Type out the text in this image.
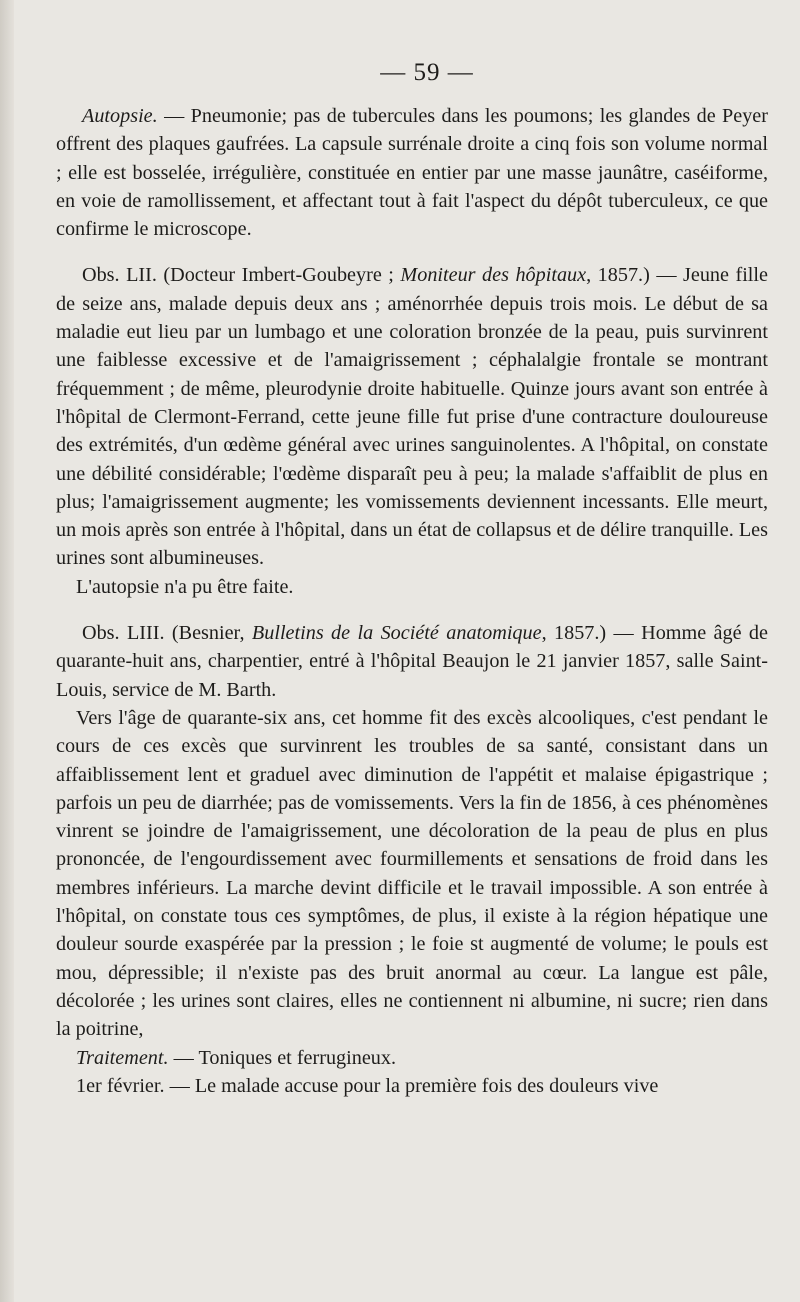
— 59 —

Autopsie. — Pneumonie; pas de tubercules dans les poumons; les glandes de Peyer offrent des plaques gaufrées. La capsule surrénale droite a cinq fois son volume normal ; elle est bosselée, irrégulière, constituée en entier par une masse jaunâtre, caséiforme, en voie de ramollissement, et affectant tout à fait l'aspect du dépôt tuberculeux, ce que confirme le microscope.

Obs. LII. (Docteur Imbert-Goubeyre ; Moniteur des hôpitaux, 1857.) — Jeune fille de seize ans, malade depuis deux ans ; aménorrhée depuis trois mois. Le début de sa maladie eut lieu par un lumbago et une coloration bronzée de la peau, puis survinrent une faiblesse excessive et de l'amaigrissement ; céphalalgie frontale se montrant fréquemment ; de même, pleurodynie droite habituelle. Quinze jours avant son entrée à l'hôpital de Clermont-Ferrand, cette jeune fille fut prise d'une contracture douloureuse des extrémités, d'un œdème général avec urines sanguinolentes. A l'hôpital, on constate une débilité considérable; l'œdème disparaît peu à peu; la malade s'affaiblit de plus en plus; l'amaigrissement augmente; les vomissements deviennent incessants. Elle meurt, un mois après son entrée à l'hôpital, dans un état de collapsus et de délire tranquille. Les urines sont albumineuses.

L'autopsie n'a pu être faite.

Obs. LIII. (Besnier, Bulletins de la Société anatomique, 1857.) — Homme âgé de quarante-huit ans, charpentier, entré à l'hôpital Beaujon le 21 janvier 1857, salle Saint-Louis, service de M. Barth.

Vers l'âge de quarante-six ans, cet homme fit des excès alcooliques, c'est pendant le cours de ces excès que survinrent les troubles de sa santé, consistant dans un affaiblissement lent et graduel avec diminution de l'appétit et malaise épigastrique ; parfois un peu de diarrhée; pas de vomissements. Vers la fin de 1856, à ces phénomènes vinrent se joindre de l'amaigrissement, une décoloration de la peau de plus en plus prononcée, de l'engourdissement avec fourmillements et sensations de froid dans les membres inférieurs. La marche devint difficile et le travail impossible. A son entrée à l'hôpital, on constate tous ces symptômes, de plus, il existe à la région hépatique une douleur sourde exaspérée par la pression ; le foie st augmenté de volume; le pouls est mou, dépressible; il n'existe pas des bruit anormal au cœur. La langue est pâle, décolorée ; les urines sont claires, elles ne contiennent ni albumine, ni sucre; rien dans la poitrine,

Traitement. — Toniques et ferrugineux.

1er février. — Le malade accuse pour la première fois des douleurs vive
